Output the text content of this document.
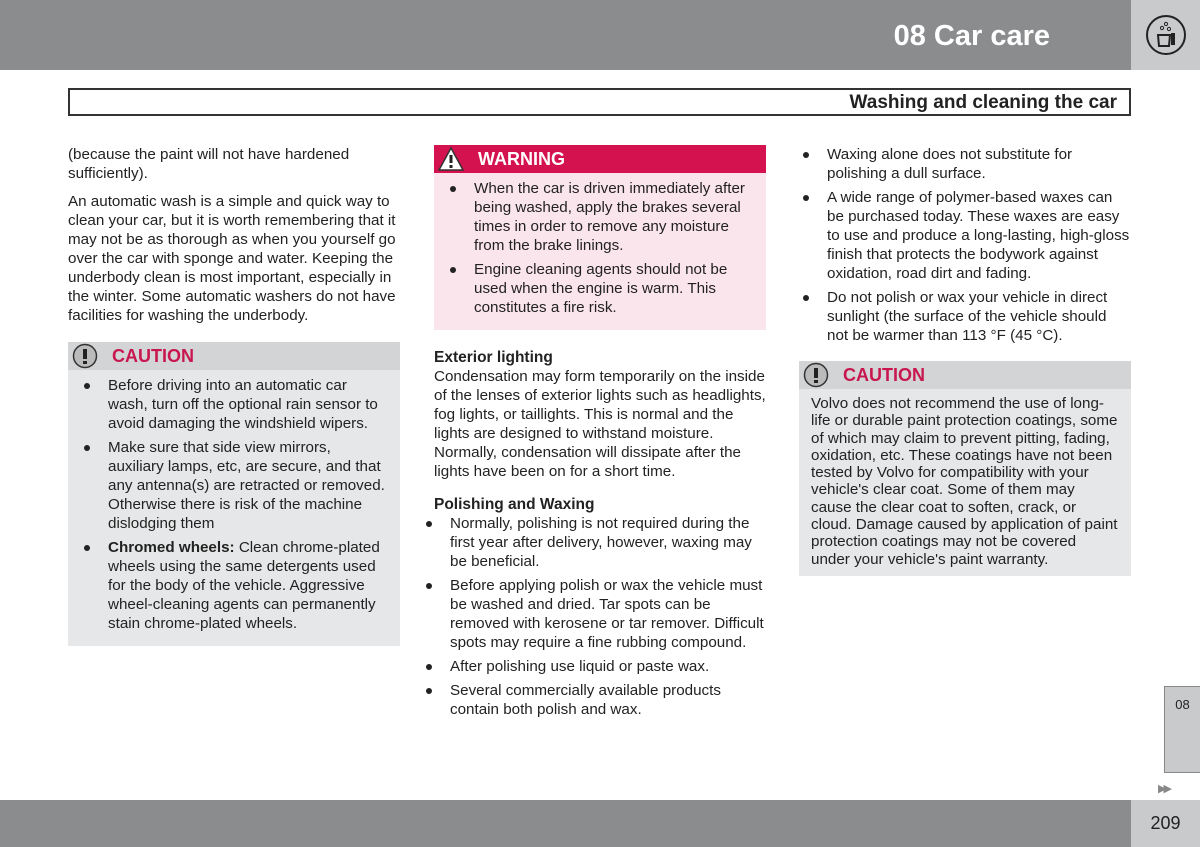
08 Car care
Washing and cleaning the car

(because the paint will not have hardened sufficiently).

An automatic wash is a simple and quick way to clean your car, but it is worth remembering that it may not be as thorough as when you yourself go over the car with sponge and water. Keeping the underbody clean is most important, especially in the winter. Some automatic washers do not have facilities for washing the underbody.

CAUTION
Before driving into an automatic car wash, turn off the optional rain sensor to avoid damaging the windshield wipers.
Make sure that side view mirrors, auxiliary lamps, etc, are secure, and that any antenna(s) are retracted or removed. Otherwise there is risk of the machine dislodging them
Chromed wheels: Clean chrome-plated wheels using the same detergents used for the body of the vehicle. Aggressive wheel-cleaning agents can permanently stain chrome-plated wheels.
WARNING
When the car is driven immediately after being washed, apply the brakes several times in order to remove any moisture from the brake linings.
Engine cleaning agents should not be used when the engine is warm. This constitutes a fire risk.
Exterior lighting

Condensation may form temporarily on the inside of the lenses of exterior lights such as headlights, fog lights, or taillights. This is normal and the lights are designed to withstand moisture. Normally, condensation will dissipate after the lights have been on for a short time.

Polishing and Waxing
Normally, polishing is not required during the first year after delivery, however, waxing may be beneficial.
Before applying polish or wax the vehicle must be washed and dried. Tar spots can be removed with kerosene or tar remover. Difficult spots may require a fine rubbing compound.
After polishing use liquid or paste wax.
Several commercially available products contain both polish and wax.
Waxing alone does not substitute for polishing a dull surface.
A wide range of polymer-based waxes can be purchased today. These waxes are easy to use and produce a long-lasting, high-gloss finish that protects the bodywork against oxidation, road dirt and fading.
Do not polish or wax your vehicle in direct sunlight (the surface of the vehicle should not be warmer than 113 °F (45 °C).
CAUTION

Volvo does not recommend the use of long-life or durable paint protection coatings, some of which may claim to prevent pitting, fading, oxidation, etc. These coatings have not been tested by Volvo for compatibility with your vehicle's clear coat. Some of them may cause the clear coat to soften, crack, or cloud. Damage caused by application of paint protection coatings may not be covered under your vehicle's paint warranty.

08
▶▶
209
